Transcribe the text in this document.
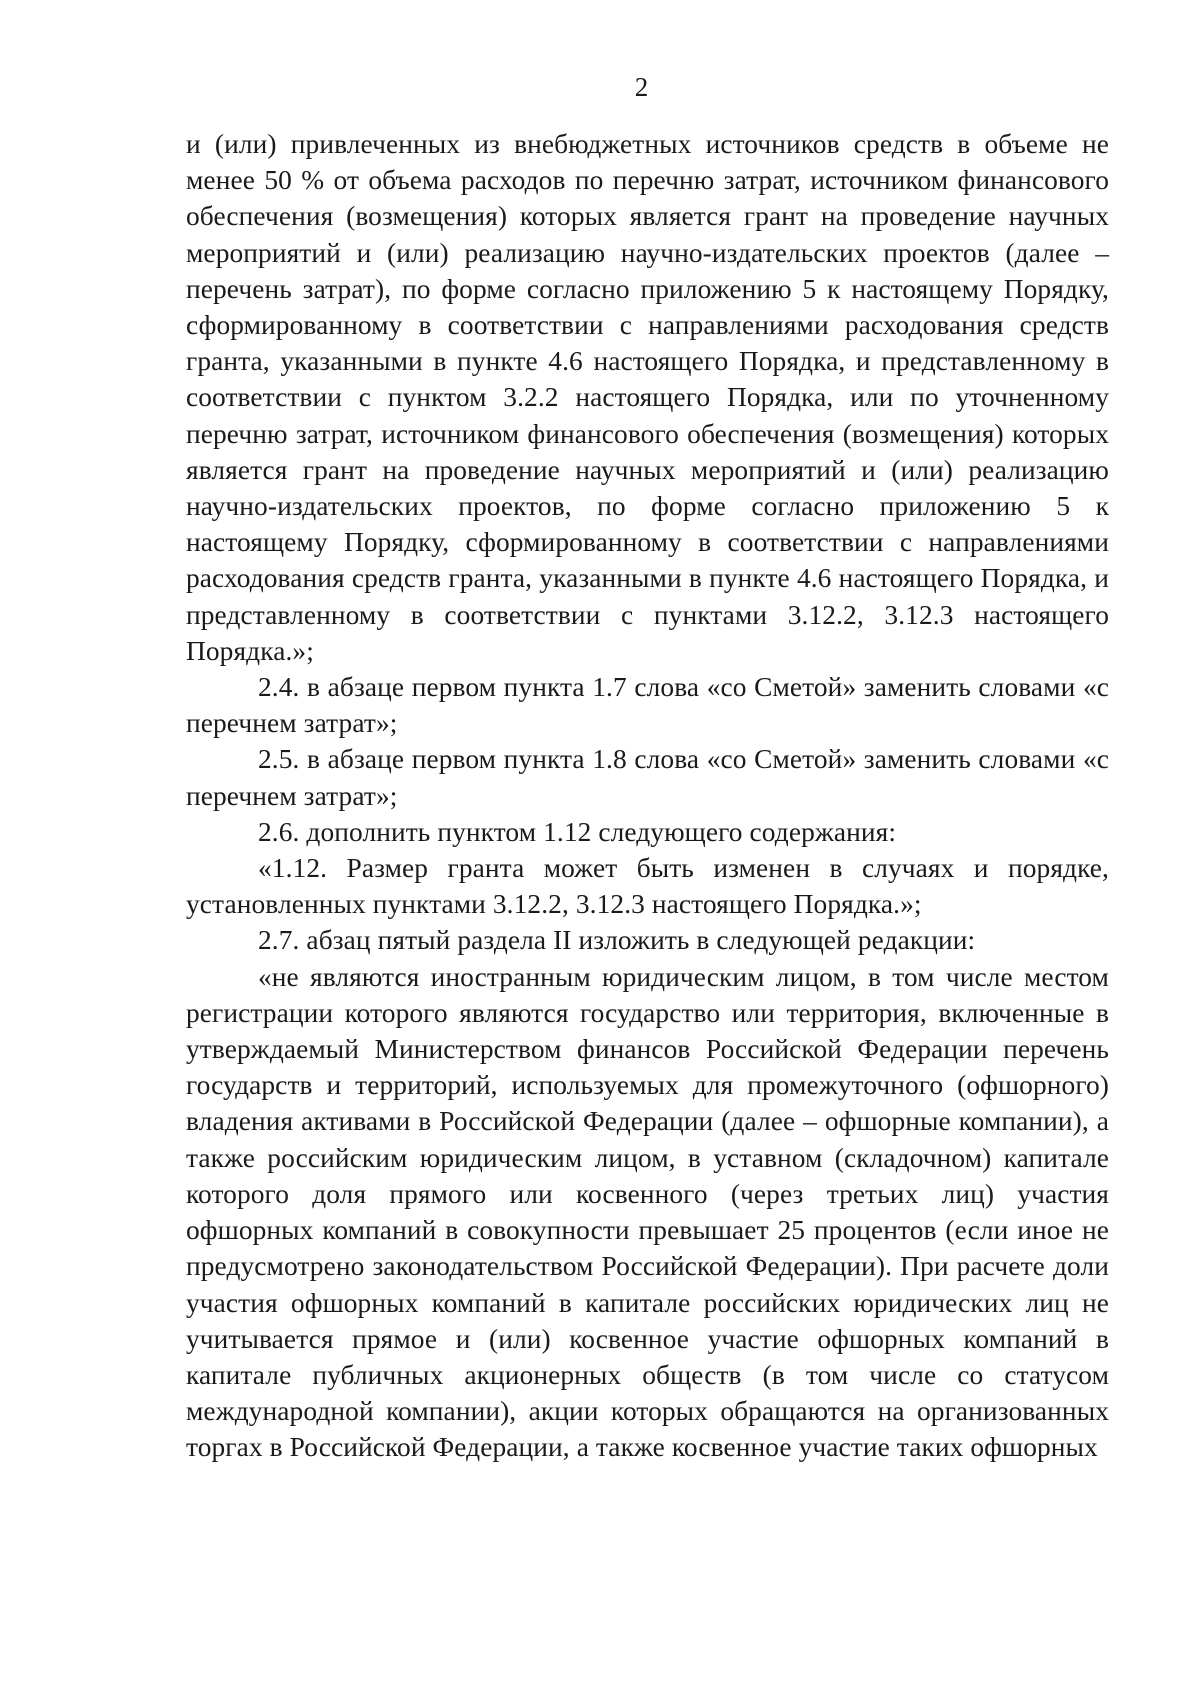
2

и (или) привлеченных из внебюджетных источников средств в объеме не менее 50 % от объема расходов по перечню затрат, источником финансового обеспечения (возмещения) которых является грант на проведение научных мероприятий и (или) реализацию научно-издательских проектов (далее – перечень затрат), по форме согласно приложению 5 к настоящему Порядку, сформированному в соответствии с направлениями расходования средств гранта, указанными в пункте 4.6 настоящего Порядка, и представленному в соответствии с пунктом 3.2.2 настоящего Порядка, или по уточненному перечню затрат, источником финансового обеспечения (возмещения) которых является грант на проведение научных мероприятий и (или) реализацию научно-издательских проектов, по форме согласно приложению 5 к настоящему Порядку, сформированному в соответствии с направлениями расходования средств гранта, указанными в пункте 4.6 настоящего Порядка, и представленному в соответствии с пунктами 3.12.2, 3.12.3 настоящего Порядка.»;

2.4. в абзаце первом пункта 1.7 слова «со Сметой» заменить словами «с перечнем затрат»;

2.5. в абзаце первом пункта 1.8 слова «со Сметой» заменить словами «с перечнем затрат»;

2.6. дополнить пунктом 1.12 следующего содержания:

«1.12. Размер гранта может быть изменен в случаях и порядке, установленных пунктами 3.12.2, 3.12.3 настоящего Порядка.»;

2.7. абзац пятый раздела II изложить в следующей редакции:

«не являются иностранным юридическим лицом, в том числе местом регистрации которого являются государство или территория, включенные в утверждаемый Министерством финансов Российской Федерации перечень государств и территорий, используемых для промежуточного (офшорного) владения активами в Российской Федерации (далее – офшорные компании), а также российским юридическим лицом, в уставном (складочном) капитале которого доля прямого или косвенного (через третьих лиц) участия офшорных компаний в совокупности превышает 25 процентов (если иное не предусмотрено законодательством Российской Федерации). При расчете доли участия офшорных компаний в капитале российских юридических лиц не учитывается прямое и (или) косвенное участие офшорных компаний в капитале публичных акционерных обществ (в том числе со статусом международной компании), акции которых обращаются на организованных торгах в Российской Федерации, а также косвенное участие таких офшорных
